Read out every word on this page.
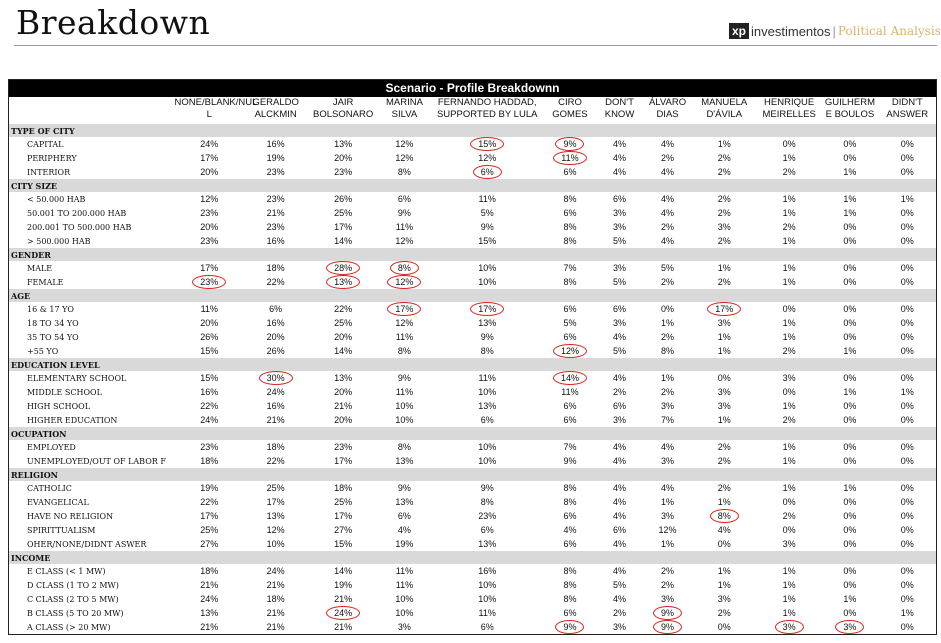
Breakdown	xp investimentos | Political Analysis
Scenario - Profile Breakdownn												
	NONE/BLANK/NUL L	GERALDO ALCKMIN	JAIR BOLSONARO	MARINA SILVA	FERNANDO HADDAD, SUPPORTED BY LULA	CIRO GOMES	DON'T KNOW	ÁLVARO DIAS	MANUELA D'ÁVILA	HENRIQUE MEIRELLES	GUILHERM E BOULOS	DIDN'T ANSWER
TYPE OF CITY												
CAPITAL	24%	16%	13%	12%	15%	9%	4%	4%	1%	0%	0%	0%
PERIPHERY	17%	19%	20%	12%	12%	11%	4%	2%	2%	1%	0%	0%
INTERIOR	20%	23%	23%	8%	6%	6%	4%	4%	2%	2%	1%	0%
CITY SIZE												
< 50.000 HAB	12%	23%	26%	6%	11%	8%	6%	4%	2%	1%	1%	1%
50.001 TO 200.000 HAB	23%	21%	25%	9%	5%	6%	3%	4%	2%	1%	1%	0%
200.001 TO 500.000 HAB	20%	23%	17%	11%	9%	8%	3%	2%	3%	2%	0%	0%
> 500.000 HAB	23%	16%	14%	12%	15%	8%	5%	4%	2%	1%	0%	0%
GENDER												
MALE	17%	18%	28%	8%	10%	7%	3%	5%	1%	1%	0%	0%
FEMALE	23%	22%	13%	12%	10%	8%	5%	2%	2%	1%	0%	0%
AGE												
16 & 17 YO	11%	6%	22%	17%	17%	6%	6%	0%	17%	0%	0%	0%
18 TO 34 YO	20%	16%	25%	12%	13%	5%	3%	1%	3%	1%	0%	0%
35 TO 54 YO	26%	20%	20%	11%	9%	6%	4%	2%	1%	1%	0%	0%
+55 YO	15%	26%	14%	8%	8%	12%	5%	8%	1%	2%	1%	0%
EDUCATION LEVEL												
ELEMENTARY SCHOOL	15%	30%	13%	9%	11%	14%	4%	1%	0%	3%	0%	0%
MIDDLE SCHOOL	16%	24%	20%	11%	10%	11%	2%	2%	3%	0%	1%	1%
HIGH SCHOOL	22%	16%	21%	10%	13%	6%	6%	3%	3%	1%	0%	0%
HIGHER EDUCATION	24%	21%	20%	10%	6%	6%	3%	7%	1%	2%	0%	0%
OCUPATION												
EMPLOYED	23%	18%	23%	8%	10%	7%	4%	4%	2%	1%	0%	0%
UNEMPLOYED/OUT OF LABOR F	18%	22%	17%	13%	10%	9%	4%	3%	2%	1%	0%	0%
RELIGION												
CATHOLIC	19%	25%	18%	9%	9%	8%	4%	4%	2%	1%	1%	0%
EVANGELICAL	22%	17%	25%	13%	8%	8%	4%	1%	1%	0%	0%	0%
HAVE NO RELIGION	17%	13%	17%	6%	23%	6%	4%	3%	8%	2%	0%	0%
SPIRITTUALISM	25%	12%	27%	4%	6%	4%	6%	12%	4%	0%	0%	0%
OHER/NONE/DIDNT ASWER	27%	10%	15%	19%	13%	6%	4%	1%	0%	3%	0%	0%
INCOME												
E CLASS (< 1 MW)	18%	24%	14%	11%	16%	8%	4%	2%	1%	1%	0%	0%
D CLASS (1 TO 2 MW)	21%	21%	19%	11%	10%	8%	5%	2%	1%	1%	0%	0%
C CLASS (2 TO 5 MW)	24%	18%	21%	10%	10%	8%	4%	3%	3%	1%	1%	0%
B CLASS (5 TO 20 MW)	13%	21%	24%	10%	11%	6%	2%	9%	2%	1%	0%	1%
A CLASS (> 20 MW)	21%	21%	21%	3%	6%	9%	3%	9%	0%	3%	3%	0%
